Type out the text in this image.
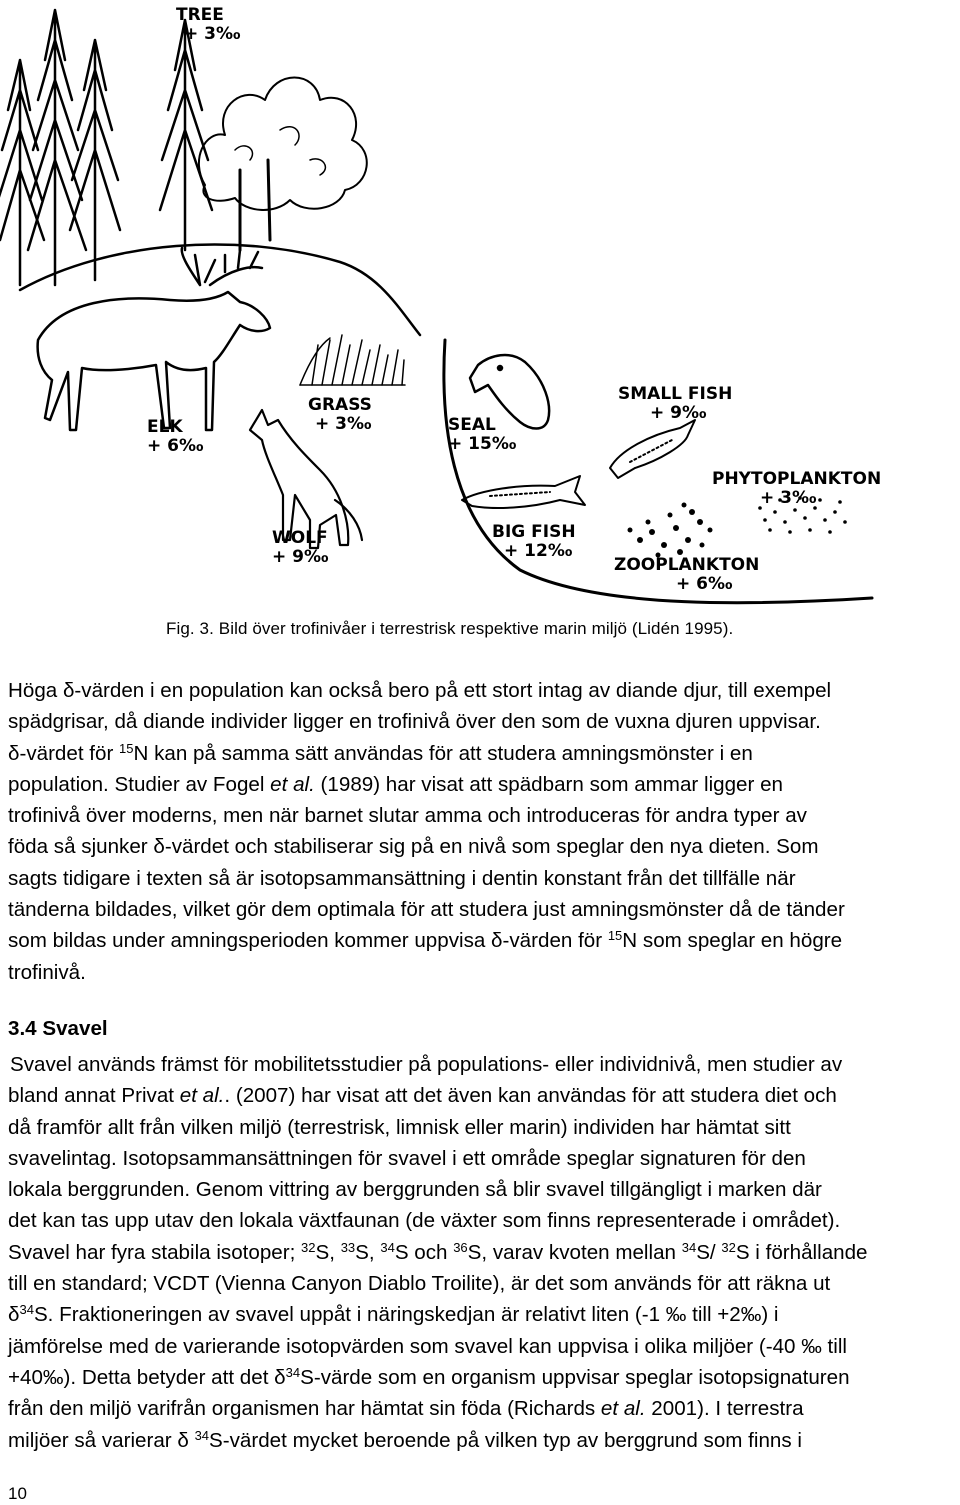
TREE
+ 3‰
GRASS
+ 3‰
ELK
+ 6‰
SEAL
+ 15‰
SMALL FISH
+ 9‰
PHYTOPLANKTON
+ 3‰
WOLF
+ 9‰
BIG FISH
+ 12‰
ZOOPLANKTON
+ 6‰
Fig. 3. Bild över trofinivåer i terrestrisk respektive marin miljö (Lidén 1995).

Höga δ-värden i en population kan också bero på ett stort intag av diande djur, till exempel

spädgrisar, då diande individer ligger en trofinivå över den som de vuxna djuren uppvisar.

δ-värdet för $^{15}$N kan på samma sätt användas för att studera amningsmönster i en

population. Studier av Fogel et al. (1989) har visat att spädbarn som ammar ligger en

trofinivå över moderns, men när barnet slutar amma och introduceras för andra typer av

föda så sjunker δ-värdet och stabiliserar sig på en nivå som speglar den nya dieten. Som

sagts tidigare i texten så är isotopsammansättning i dentin konstant från det tillfälle när

tänderna bildades, vilket gör dem optimala för att studera just amningsmönster då de tänder

som bildas under amningsperioden kommer uppvisa δ-värden för $^{15}$N som speglar en högre

trofinivå.

3.4 Svavel

Svavel används främst för mobilitetsstudier på populations- eller individnivå, men studier av

bland annat Privat et al.. (2007) har visat att det även kan användas för att studera diet och

då framför allt från vilken miljö (terrestrisk, limnisk eller marin) individen har hämtat sitt

svavelintag. Isotopsammansättningen för svavel i ett område speglar signaturen för den

lokala berggrunden. Genom vittring av berggrunden så blir svavel tillgängligt i marken där

det kan tas upp utav den lokala växtfaunan (de växter som finns representerade i området).

Svavel har fyra stabila isotoper; $^{32}$S, $^{33}$S, $^{34}$S och $^{36}$S, varav kvoten mellan $^{34}$S/ $^{32}$S i förhållande

till en standard; VCDT (Vienna Canyon Diablo Troilite), är det som används för att räkna ut

$\delta^{34}S$. Fraktioneringen av svavel uppåt i näringskedjan är relativt liten (-1 ‰ till +2‰) i

jämförelse med de varierande isotopvärden som svavel kan uppvisa i olika miljöer (-40 ‰ till

+40‰). Detta betyder att $\det \delta^{34}S$-värde som en organism uppvisar speglar isotopsignaturen

från den miljö varifrån organismen har hämtat sin föda (Richards et al. 2001). I terrestra

miljöer så varierar δ $^{34}$S-värdet mycket beroende på vilken typ av berggrund som finns i

10
